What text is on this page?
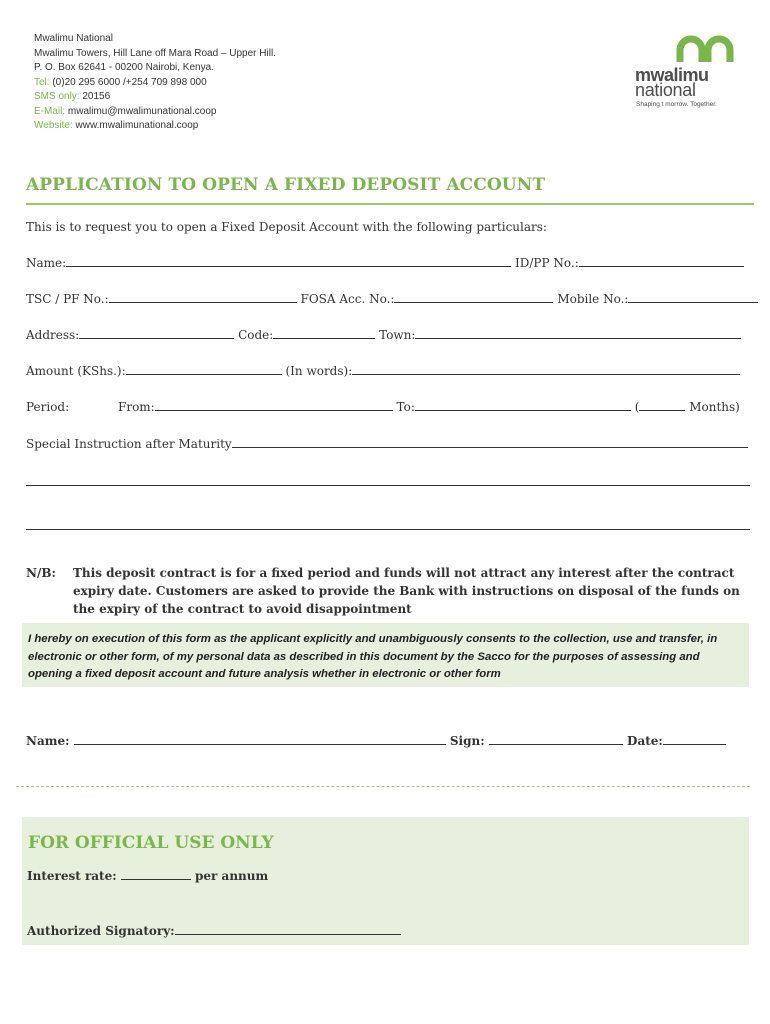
Mwalimu National
Mwalimu Towers, Hill Lane off Mara Road – Upper Hill.
P. O. Box 62641 - 00200 Nairobi, Kenya.
Tel: (0)20 295 6000 /+254 709 898 000
SMS only: 20156
E-Mail: mwalimu@mwalimunational.coop
Website: www.mwalimunational.coop
mwalimu
national
Shaping t morrow. Together.
APPLICATION TO OPEN A FIXED DEPOSIT ACCOUNT
This is to request you to open a Fixed Deposit Account with the following particulars:
Name:	ID/PP No.:
TSC / PF No.:	FOSA Acc. No.:	Mobile No.:
Address:	Code:	Town:
Amount (KShs.):	(In words):
Period:	From:	To:	(	Months)
Special Instruction after Maturity
N/B: This deposit contract is for a fixed period and funds will not attract any interest after the contract expiry date. Customers are asked to provide the Bank with instructions on disposal of the funds on the expiry of the contract to avoid disappointment

I hereby on execution of this form as the applicant explicitly and unambiguously consents to the collection, use and transfer, in electronic or other form, of my personal data as described in this document by the Sacco for the purposes of assessing and opening a fixed deposit account and future analysis whether in electronic or other form

Name:	Sign:	Date:
FOR OFFICIAL USE ONLY
Interest rate:	per annum
Authorized Signatory:
